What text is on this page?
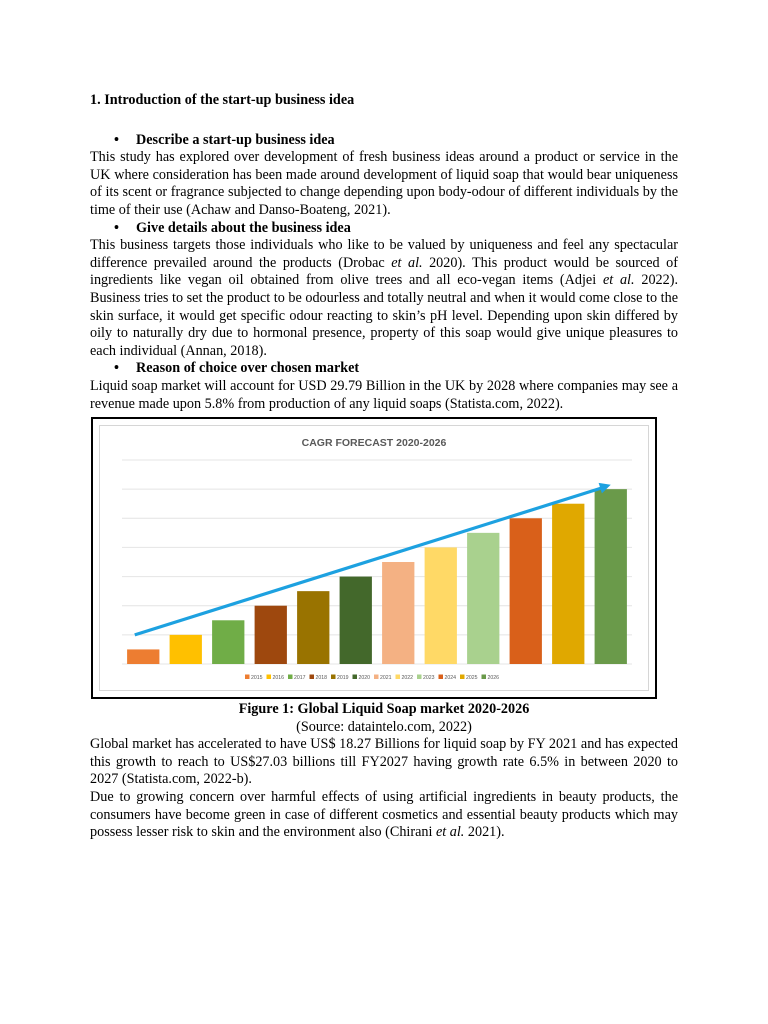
1. Introduction of the start-up business idea
•	Describe a start-up business idea

This study has explored over development of fresh business ideas around a product or service in the UK where consideration has been made around development of liquid soap that would bear uniqueness of its scent or fragrance subjected to change depending upon body-odour of different individuals by the time of their use (Achaw and Danso-Boateng, 2021).

•	Give details about the business idea

This business targets those individuals who like to be valued by uniqueness and feel any spectacular difference prevailed around the products (Drobac et al. 2020). This product would be sourced of ingredients like vegan oil obtained from olive trees and all eco-vegan items (Adjei et al. 2022). Business tries to set the product to be odourless and totally neutral and when it would come close to the skin surface, it would get specific odour reacting to skin’s pH level. Depending upon skin differed by oily to naturally dry due to hormonal presence, property of this soap would give unique pleasures to each individual (Annan, 2018).

•	Reason of choice over chosen market

Liquid soap market will account for USD 29.79 Billion in the UK by 2028 where companies may see a revenue made upon 5.8% from production of any liquid soaps (Statista.com, 2022).

CAGR FORECAST 2020-2026
2015 2016 2017 2018 2019 2020 2021 2022 2023 2024 2025 2026
Figure 1: Global Liquid Soap market 2020-2026
(Source: dataintelo.com, 2022)

Global market has accelerated to have US$ 18.27 Billions for liquid soap by FY 2021 and has expected this growth to reach to US$27.03 billions till FY2027 having growth rate 6.5% in between 2020 to 2027 (Statista.com, 2022-b).

Due to growing concern over harmful effects of using artificial ingredients in beauty products, the consumers have become green in case of different cosmetics and essential beauty products which may possess lesser risk to skin and the environment also (Chirani et al. 2021).
